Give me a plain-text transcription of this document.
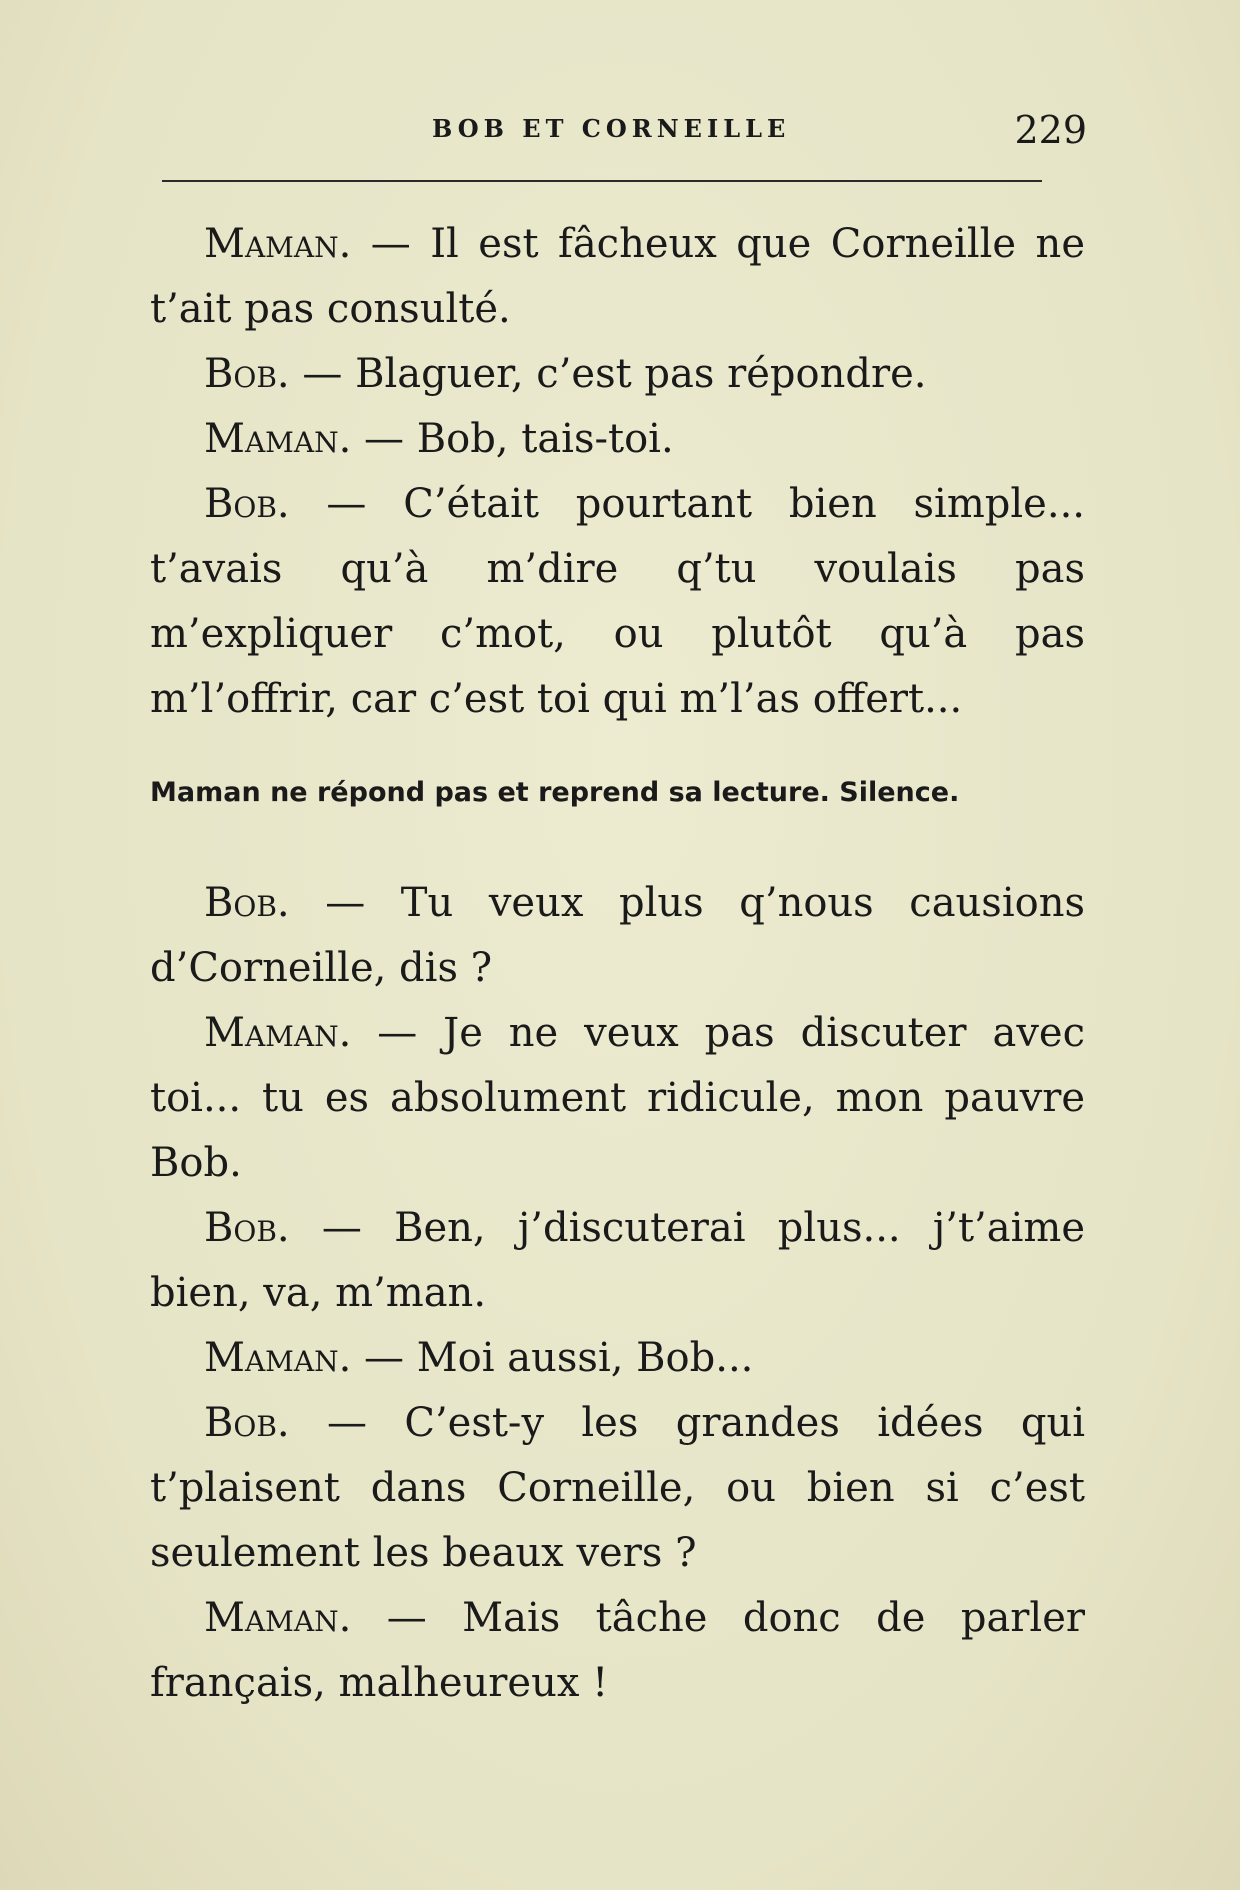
BOB ET CORNEILLE	229

Maman. — Il est fâcheux que Corneille ne t’ait pas consulté.

Bob. — Blaguer, c’est pas répondre.

Maman. — Bob, tais-toi.

Bob. — C’était pourtant bien simple... t’avais qu’à m’dire q’tu voulais pas m’expliquer c’mot, ou plutôt qu’à pas m’l’offrir, car c’est toi qui m’l’as offert...

Maman ne répond pas et reprend sa lecture. Silence.

Bob. — Tu veux plus q’nous causions d’Corneille, dis ?

Maman. — Je ne veux pas discuter avec toi... tu es absolument ridicule, mon pauvre Bob.

Bob. — Ben, j’discuterai plus... j’t’aime bien, va, m’man.

Maman. — Moi aussi, Bob...

Bob. — C’est-y les grandes idées qui t’plaisent dans Corneille, ou bien si c’est seulement les beaux vers ?

Maman. — Mais tâche donc de parler français, malheureux !
